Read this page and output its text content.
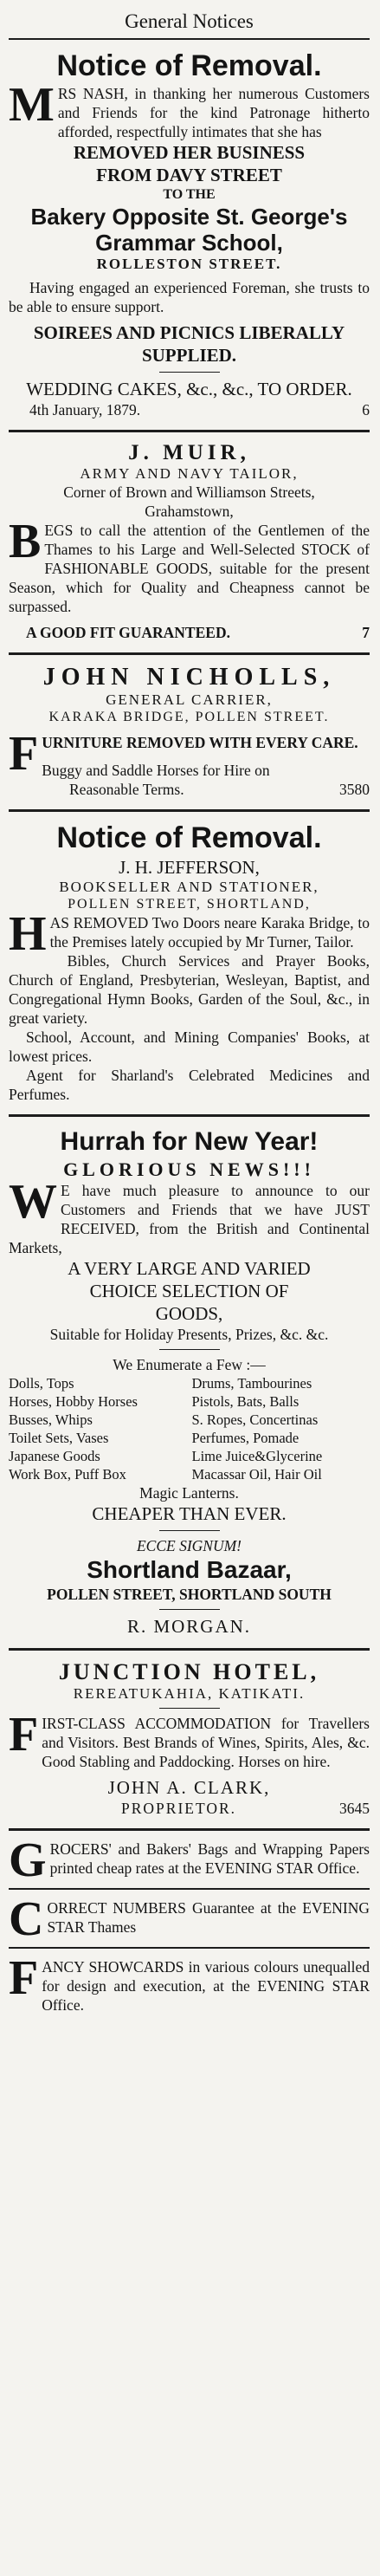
General Notices
Notice of Removal.
MRS NASH, in thanking her numerous Customers and Friends for the kind Patronage hitherto afforded, respectfully intimates that she has
REMOVED HER BUSINESS
FROM DAVY STREET
TO THE
Bakery Opposite St. George's
Grammar School,
ROLLESTON STREET.
Having engaged an experienced Foreman, she trusts to be able to ensure support.
SOIREES AND PICNICS LIBERALLY SUPPLIED.
WEDDING CAKES, &c., &c., TO ORDER.
4th January, 1879.	6
J. MUIR,
ARMY AND NAVY TAILOR,
Corner of Brown and Williamson Streets,
Grahamstown,
BEGS to call the attention of the Gentlemen of the Thames to his Large and Well-Selected STOCK of FASHIONABLE GOODS, suitable for the present Season, which for Quality and Cheapness cannot be surpassed.
A GOOD FIT GUARANTEED.	7
JOHN NICHOLLS,
GENERAL CARRIER,
KARAKA BRIDGE, POLLEN STREET.
FURNITURE REMOVED WITH EVERY CARE.
Buggy and Saddle Horses for Hire on
Reasonable Terms.	3580
Notice of Removal.
J. H. JEFFERSON,
BOOKSELLER AND STATIONER,
POLLEN STREET, SHORTLAND,
HAS REMOVED Two Doors neare Karaka Bridge, to the Premises lately occupied by Mr Turner, Tailor.
Bibles, Church Services and Prayer Books, Church of England, Presbyterian, Wesleyan, Baptist, and Congregational Hymn Books, Garden of the Soul, &c., in great variety.
School, Account, and Mining Companies' Books, at lowest prices.
Agent for Sharland's Celebrated Medicines and Perfumes.
Hurrah for New Year!
GLORIOUS NEWS!!!
WE have much pleasure to announce to our Customers and Friends that we have JUST RECEIVED, from the British and Continental Markets,
A VERY LARGE AND VARIED
CHOICE SELECTION OF
GOODS,
Suitable for Holiday Presents, Prizes, &c. &c.
We Enumerate a Few :—
Dolls, Tops	Drums, Tambourines
Horses, Hobby Horses	Pistols, Bats, Balls
Busses, Whips	S. Ropes, Concertinas
Toilet Sets, Vases	Perfumes, Pomade
Japanese Goods	Lime Juice&Glycerine
Work Box, Puff Box	Macassar Oil, Hair Oil
Magic Lanterns.
CHEAPER THAN EVER.
ECCE SIGNUM!
Shortland Bazaar,
POLLEN STREET, SHORTLAND SOUTH
R. MORGAN.
JUNCTION HOTEL,
REREATUKAHIA, KATIKATI.
FIRST-CLASS ACCOMMODATION for Travellers and Visitors. Best Brands of Wines, Spirits, Ales, &c. Good Stabling and Paddocking. Horses on hire.
JOHN A. CLARK,
PROPRIETOR.	3645
GROCERS' and Bakers' Bags and Wrapping Papers printed cheap rates at the EVENING STAR Office.
CORRECT NUMBERS Guarantee at the EVENING STAR Thames
FANCY SHOWCARDS in various colours unequalled for design and execution, at the EVENING STAR Office.
